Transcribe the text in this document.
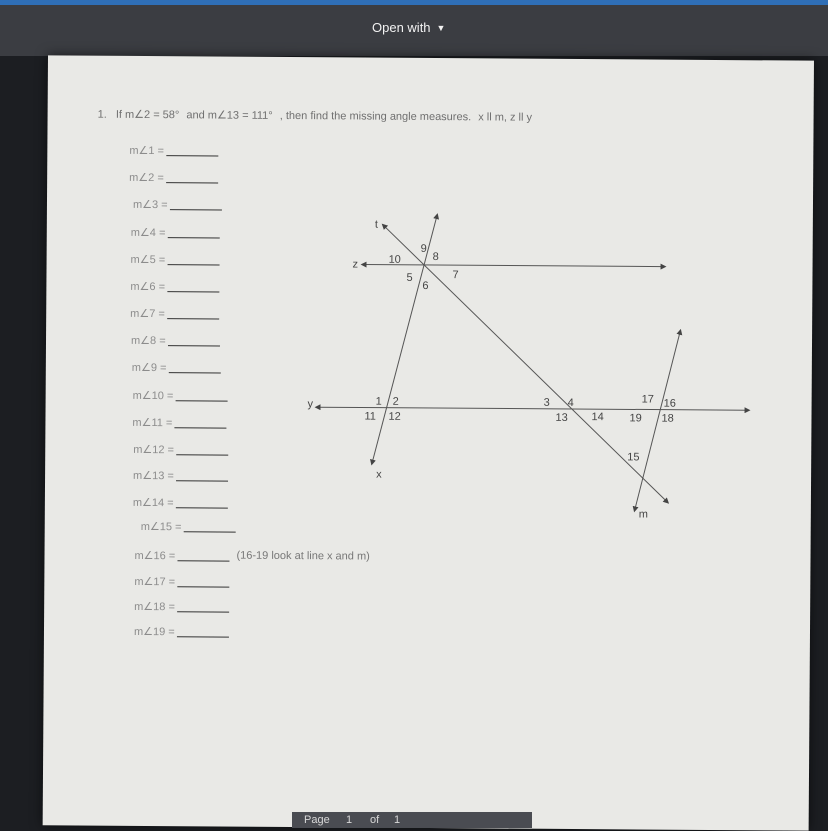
Open with ▼
1. If m∠2 = 58° and m∠13 = 111° , then find the missing angle measures. x ll m, z ll y
m∠1 =
m∠2 =
m∠3 =
m∠4 =
m∠5 =
m∠6 =
m∠7 =
m∠8 =
m∠9 =
m∠10 =
m∠11 =
m∠12 =
m∠13 =
m∠14 =
m∠15 =
m∠16 =
m∠17 =
m∠18 =
m∠19 =
(16-19 look at line x and m)
t
z
y
x
m
9
8
10
5
6
7
1 2
11 12
3 4
13 14
17 16
19 18
15
Page 1 of 1
